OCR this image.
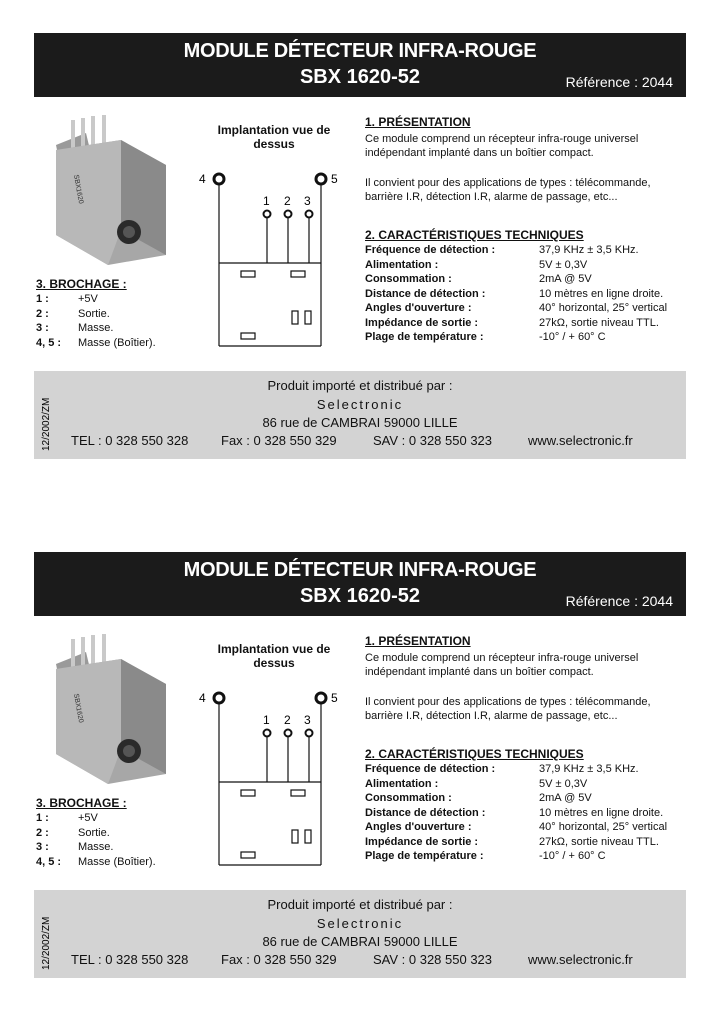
MODULE DÉTECTEUR INFRA-ROUGE
SBX 1620-52	Référence : 2044
SBX1620
Implantation vue de dessus
4	5
1 2 3
1. PRÉSENTATION
Ce module comprend un récepteur infra-rouge universel indépendant implanté dans un boîtier compact.
Il convient pour des applications de types : télécommande, barrière I.R, détection I.R, alarme de passage, etc...
2. CARACTÉRISTIQUES TECHNIQUES
Fréquence de détection :	37,9 KHz ± 3,5 KHz.
Alimentation :	5V ± 0,3V
Consommation :	2mA @ 5V
Distance de détection :	10 mètres en ligne droite.
Angles d'ouverture :	40° horizontal, 25° vertical
Impédance de sortie :	27kΩ, sortie niveau TTL.
Plage de température :	-10° / + 60° C
3. BROCHAGE :
1 :	+5V
2 :	Sortie.
3 :	Masse.
4, 5 : Masse (Boîtier).
12/2002/ZM
Produit importé et distribué par :
Selectronic
86 rue de CAMBRAI 59000 LILLE
TEL : 0 328 550 328	Fax : 0 328 550 329	SAV : 0 328 550 323	www.selectronic.fr
MODULE DÉTECTEUR INFRA-ROUGE
SBX 1620-52	Référence : 2044
SBX1620
Implantation vue de dessus
4	5
1 2 3
1. PRÉSENTATION
Ce module comprend un récepteur infra-rouge universel indépendant implanté dans un boîtier compact.
Il convient pour des applications de types : télécommande, barrière I.R, détection I.R, alarme de passage, etc...
2. CARACTÉRISTIQUES TECHNIQUES
Fréquence de détection :	37,9 KHz ± 3,5 KHz.
Alimentation :	5V ± 0,3V
Consommation :	2mA @ 5V
Distance de détection :	10 mètres en ligne droite.
Angles d'ouverture :	40° horizontal, 25° vertical
Impédance de sortie :	27kΩ, sortie niveau TTL.
Plage de température :	-10° / + 60° C
3. BROCHAGE :
1 :	+5V
2 :	Sortie.
3 :	Masse.
4, 5 : Masse (Boîtier).
12/2002/ZM
Produit importé et distribué par :
Selectronic
86 rue de CAMBRAI 59000 LILLE
TEL : 0 328 550 328	Fax : 0 328 550 329	SAV : 0 328 550 323	www.selectronic.fr
